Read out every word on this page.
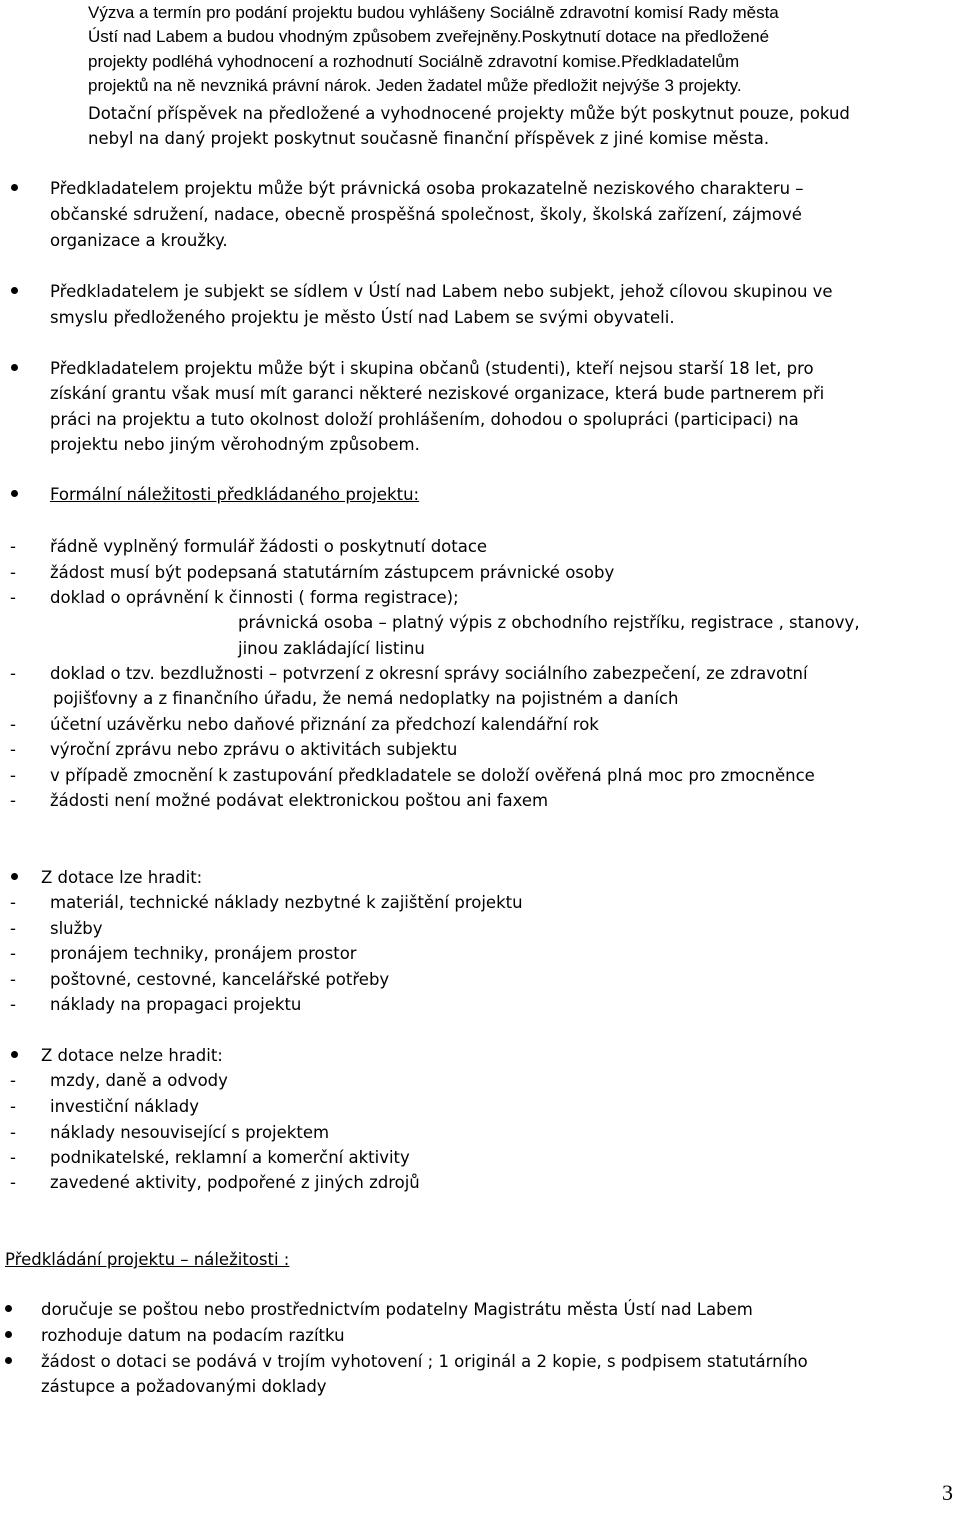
Výzva a termín pro podání projektu budou vyhlášeny Sociálně zdravotní komisí Rady města
Ústí nad Labem a budou vhodným způsobem zveřejněny.Poskytnutí dotace na předložené
projekty podléhá vyhodnocení a rozhodnutí Sociálně zdravotní komise.Předkladatelům
projektů na ně nevzniká právní nárok. Jeden žadatel může předložit nejvýše 3 projekty.
Dotační příspěvek na předložené a vyhodnocené projekty může být poskytnut pouze, pokud
nebyl na daný projekt poskytnut současně finanční příspěvek z jiné komise města.
Předkladatelem projektu může být právnická osoba prokazatelně neziskového charakteru –
občanské sdružení, nadace, obecně prospěšná společnost, školy, školská zařízení, zájmové
organizace a kroužky.
Předkladatelem je subjekt se sídlem v Ústí nad Labem nebo subjekt, jehož cílovou skupinou ve
smyslu předloženého projektu je město Ústí nad Labem se svými obyvateli.
Předkladatelem projektu může být i skupina občanů (studenti), kteří nejsou starší 18 let, pro
získání grantu však musí mít garanci některé neziskové organizace, která bude partnerem při
práci na projektu a tuto okolnost doloží prohlášením, dohodou o spolupráci (participaci) na
projektu nebo jiným věrohodným způsobem.
Formální náležitosti předkládaného projektu:
- řádně vyplněný formulář žádosti o poskytnutí dotace
- žádost musí být podepsaná statutárním zástupcem právnické osoby
- doklad o oprávnění k činnosti ( forma registrace);
právnická osoba – platný výpis z obchodního rejstříku, registrace , stanovy,
jinou zakládající listinu
- doklad o tzv. bezdlužnosti – potvrzení z okresní správy sociálního zabezpečení, ze zdravotní
pojišťovny a z finančního úřadu, že nemá nedoplatky na pojistném a daních
- účetní uzávěrku nebo daňové přiznání za předchozí kalendářní rok
- výroční zprávu nebo zprávu o aktivitách subjektu
- v případě zmocnění k zastupování předkladatele se doloží ověřená plná moc pro zmocněnce
- žádosti není možné podávat elektronickou poštou ani faxem
Z dotace lze hradit:
- materiál, technické náklady nezbytné k zajištění projektu
- služby
- pronájem techniky, pronájem prostor
- poštovné, cestovné, kancelářské potřeby
- náklady na propagaci projektu
Z dotace nelze hradit:
- mzdy, daně a odvody
- investiční náklady
- náklady nesouvisející s projektem
- podnikatelské, reklamní a komerční aktivity
- zavedené aktivity, podpořené z jiných zdrojů
Předkládání projektu – náležitosti :
doručuje se poštou nebo prostřednictvím podatelny Magistrátu města Ústí nad Labem
rozhoduje datum na podacím razítku
žádost o dotaci se podává v trojím vyhotovení ; 1 originál a 2 kopie, s podpisem statutárního
zástupce a požadovanými doklady
3
